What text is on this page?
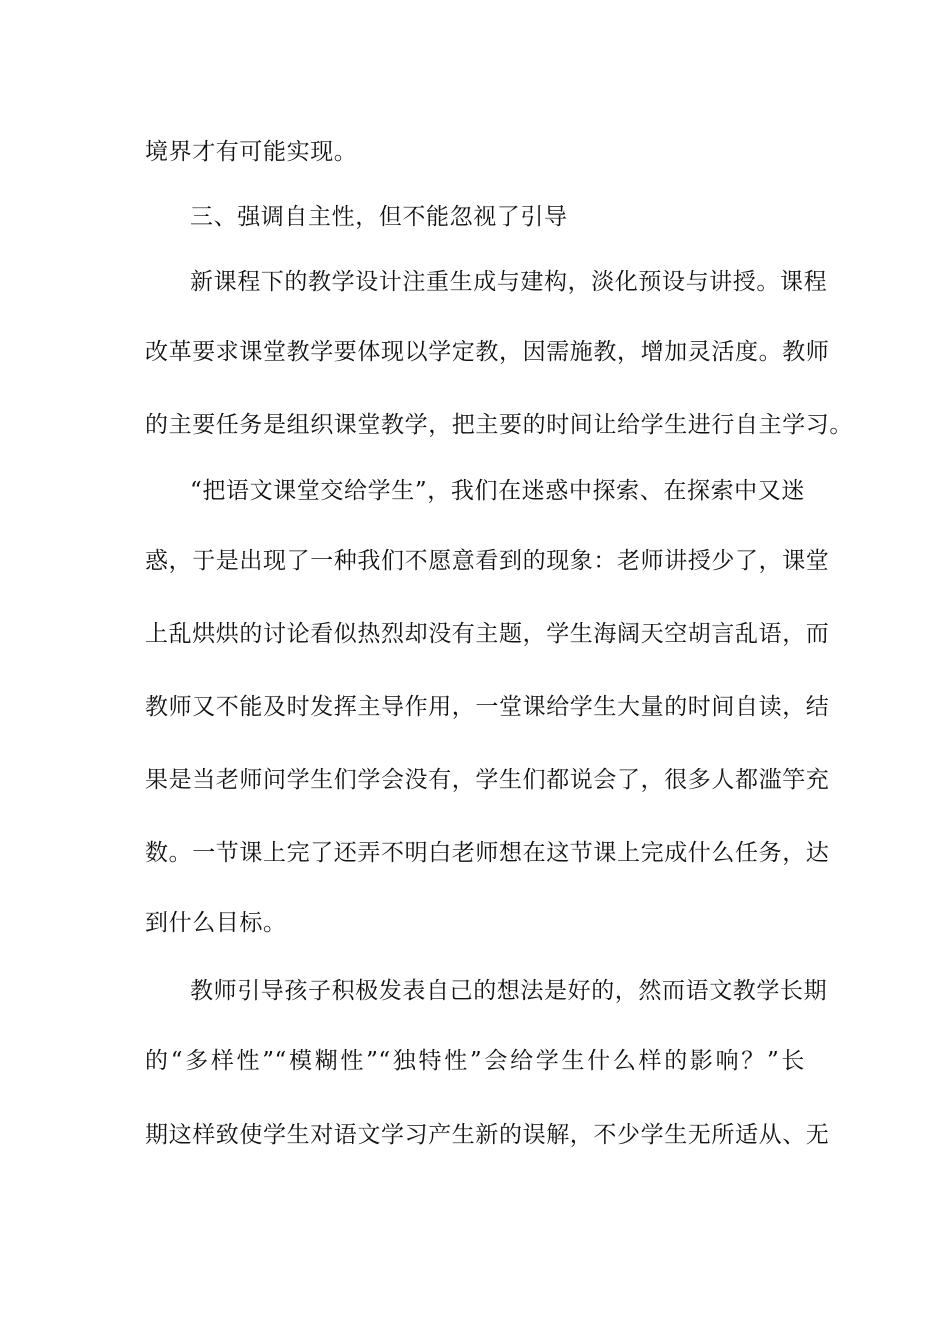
境界才有可能实现。
三、强调自主性，但不能忽视了引导
新课程下的教学设计注重生成与建构，淡化预设与讲授。课程
改革要求课堂教学要体现以学定教，因需施教，增加灵活度。教师
的主要任务是组织课堂教学，把主要的时间让给学生进行自主学习。
“把语文课堂交给学生”，我们在迷惑中探索、在探索中又迷
惑，于是出现了一种我们不愿意看到的现象：老师讲授少了，课堂
上乱烘烘的讨论看似热烈却没有主题，学生海阔天空胡言乱语，而
教师又不能及时发挥主导作用，一堂课给学生大量的时间自读，结
果是当老师问学生们学会没有，学生们都说会了，很多人都滥竽充
数。一节课上完了还弄不明白老师想在这节课上完成什么任务，达
到什么目标。
教师引导孩子积极发表自己的想法是好的，然而语文教学长期
的“多样性”“模糊性”“独特性”会给学生什么样的影响？”长
期这样致使学生对语文学习产生新的误解，不少学生无所适从、无
